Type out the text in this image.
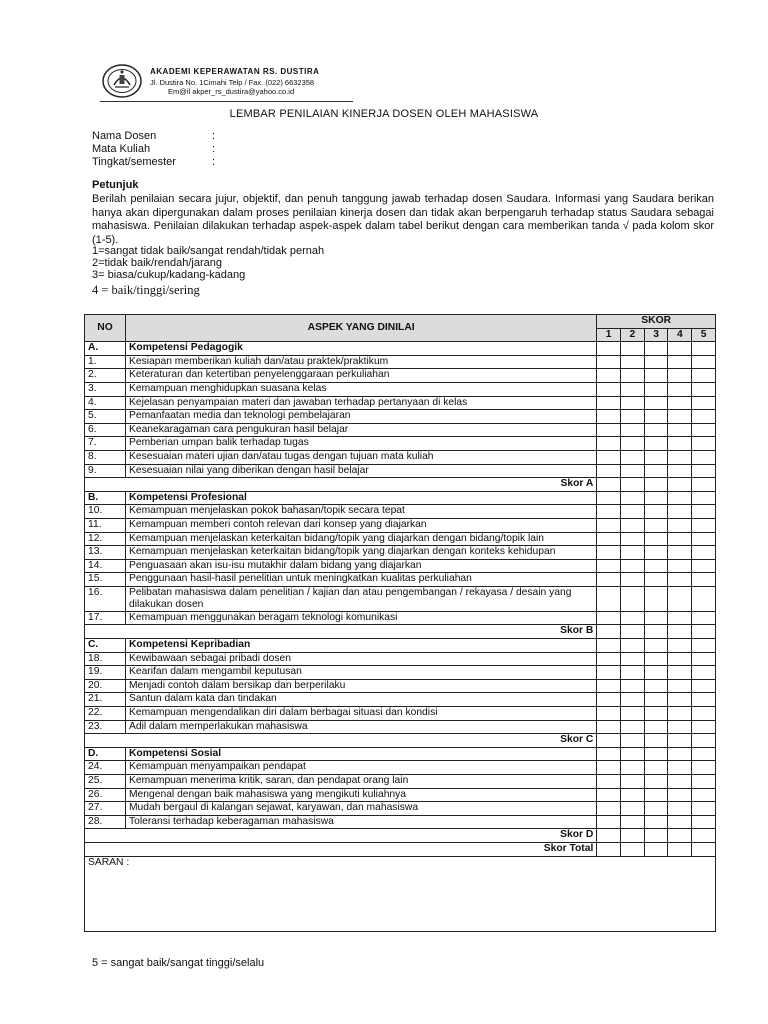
AKADEMI KEPERAWATAN RS. DUSTIRA
Jl. Dustira No. 1Cimahi Telp / Fax. (022) 6632358
Em@il akper_rs_dustira@yahoo.co.id
LEMBAR PENILAIAN KINERJA DOSEN OLEH MAHASISWA
Nama Dosen	:
Mata Kuliah	:
Tingkat/semester	:
Petunjuk
Berilah penilaian secara jujur, objektif, dan penuh tanggung jawab terhadap dosen Saudara. Informasi yang Saudara berikan hanya akan dipergunakan dalam proses penilaian kinerja dosen dan tidak akan berpengaruh terhadap status Saudara sebagai mahasiswa. Penilaian dilakukan terhadap aspek-aspek dalam tabel berikut dengan cara memberikan tanda √ pada kolom skor (1-5).
1=sangat tidak baik/sangat rendah/tidak pernah
2=tidak baik/rendah/jarang
3= biasa/cukup/kadang-kadang
4 = baik/tinggi/sering
NO	ASPEK YANG DINILAI	SKOR				
		1	2	3	4	5
A.	Kompetensi Pedagogik					
1.	Kesiapan memberikan kuliah dan/atau praktek/praktikum					
2.	Keteraturan dan ketertiban penyelenggaraan perkuliahan					
3.	Kemampuan menghidupkan suasana kelas					
4.	Kejelasan penyampaian materi dan jawaban terhadap pertanyaan di kelas					
5.	Pemanfaatan media dan teknologi pembelajaran					
6.	Keanekaragaman cara pengukuran hasil belajar					
7.	Pemberian umpan balik terhadap tugas					
8.	Kesesuaian materi ujian dan/atau tugas dengan tujuan mata kuliah					
9.	Kesesuaian nilai yang diberikan dengan hasil belajar					
Skor A						
B.	Kompetensi Profesional					
10.	Kemampuan menjelaskan pokok bahasan/topik secara tepat					
11.	Kemampuan memberi contoh relevan dari konsep yang diajarkan					
12.	Kemampuan menjelaskan keterkaitan bidang/topik yang diajarkan dengan bidang/topik lain					
13.	Kemampuan menjelaskan keterkaitan bidang/topik yang diajarkan dengan konteks kehidupan					
14.	Penguasaan akan isu-isu mutakhir dalam bidang yang diajarkan					
15.	Penggunaan hasil-hasil penelitian untuk meningkatkan kualitas perkuliahan					
16.	Pelibatan mahasiswa dalam penelitian / kajian dan atau pengembangan / rekayasa / desain yang dilakukan dosen					
17.	Kemampuan menggunakan beragam teknologi komunikasi					
Skor B						
C.	Kompetensi Kepribadian					
18.	Kewibawaan sebagai pribadi dosen					
19.	Kearifan dalam mengambil keputusan					
20.	Menjadi contoh dalam bersikap dan berperilaku					
21.	Santun dalam kata dan tindakan					
22.	Kemampuan mengendalikan diri dalam berbagai situasi dan kondisi					
23.	Adil dalam memperlakukan mahasiswa					
Skor C						
D.	Kompetensi Sosial					
24.	Kemampuan menyampaikan pendapat					
25.	Kemampuan menerima kritik, saran, dan pendapat orang lain					
26.	Mengenal dengan baik mahasiswa yang mengikuti kuliahnya					
27.	Mudah bergaul di kalangan sejawat, karyawan, dan mahasiswa					
28.	Toleransi terhadap keberagaman mahasiswa					
Skor D						
Skor Total						
SARAN :						
5 = sangat baik/sangat tinggi/selalu
